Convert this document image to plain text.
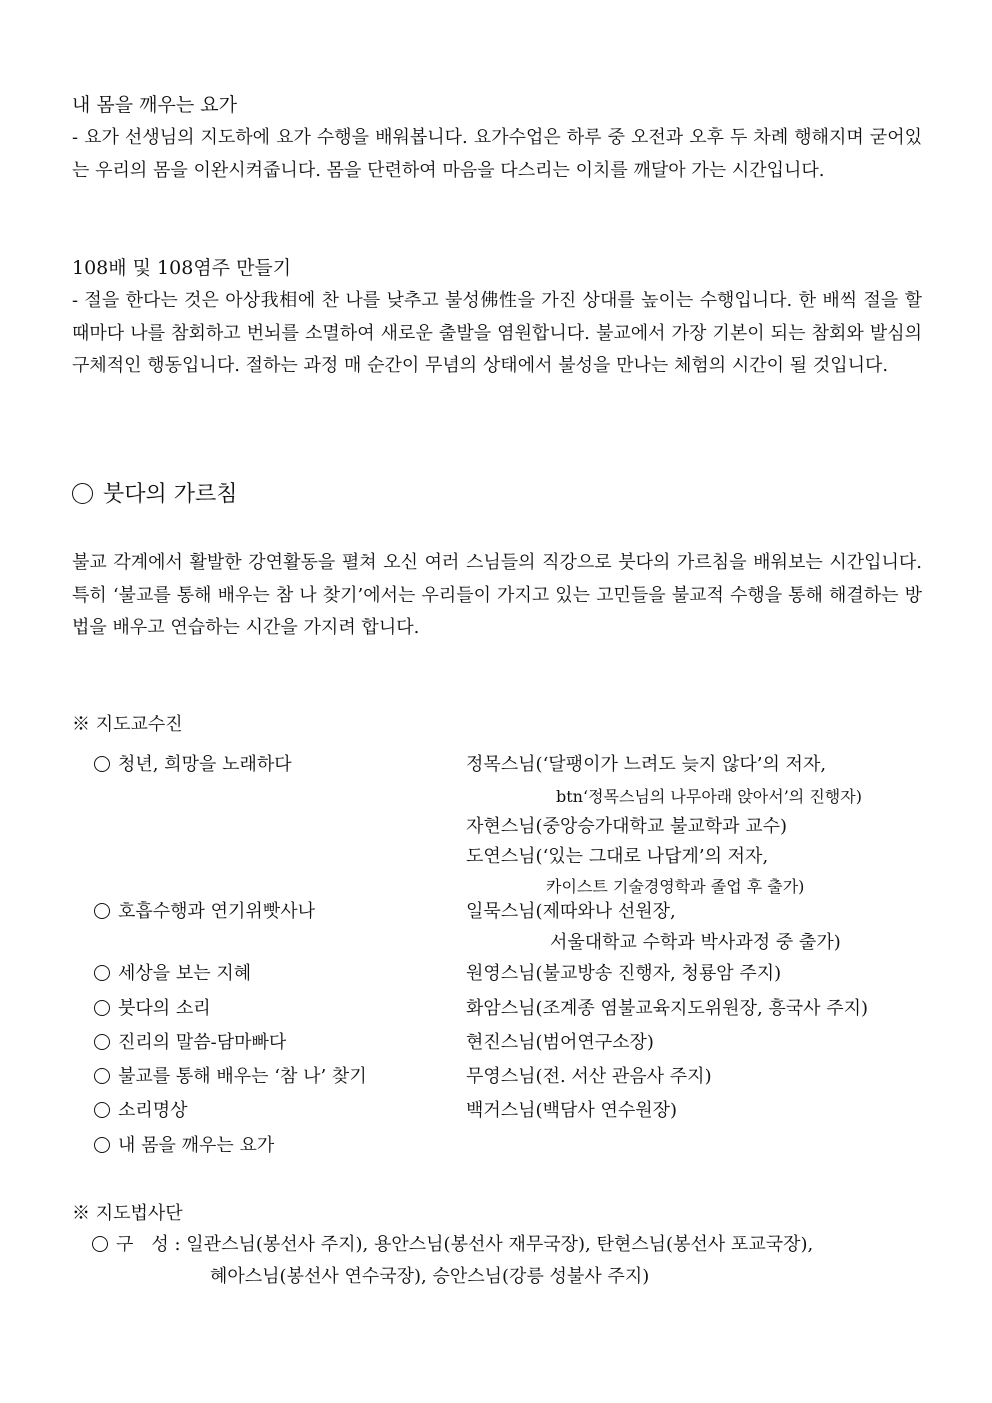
내 몸을 깨우는 요가
- 요가 선생님의 지도하에 요가 수행을 배워봅니다. 요가수업은 하루 중 오전과 오후 두 차례 행해지며 굳어있는 우리의 몸을 이완시켜줍니다. 몸을 단련하여 마음을 다스리는 이치를 깨달아 가는 시간입니다.
108배 및 108염주 만들기
- 절을 한다는 것은 아상我相에 찬 나를 낮추고 불성佛性을 가진 상대를 높이는 수행입니다. 한 배씩 절을 할 때마다 나를 참회하고 번뇌를 소멸하여 새로운 출발을 염원합니다. 불교에서 가장 기본이 되는 참회와 발심의 구체적인 행동입니다. 절하는 과정 매 순간이 무념의 상태에서 불성을 만나는 체험의 시간이 될 것입니다.
붓다의 가르침
불교 각계에서 활발한 강연활동을 펼쳐 오신 여러 스님들의 직강으로 붓다의 가르침을 배워보는 시간입니다. 특히 ‘불교를 통해 배우는 참 나 찾기’에서는 우리들이 가지고 있는 고민들을 불교적 수행을 통해 해결하는 방법을 배우고 연습하는 시간을 가지려 합니다.
※ 지도교수진
청년, 희망을 노래하다	정목스님(‘달팽이가 느려도 늦지 않다’의 저자,
btn‘정목스님의 나무아래 앉아서’의 진행자)
자현스님(중앙승가대학교 불교학과 교수)
도연스님(‘있는 그대로 나답게’의 저자,
카이스트 기술경영학과 졸업 후 출가)
호흡수행과 연기위빳사나	일묵스님(제따와나 선원장,
서울대학교 수학과 박사과정 중 출가)
세상을 보는 지혜	원영스님(불교방송 진행자, 청룡암 주지)
붓다의 소리	화암스님(조계종 염불교육지도위원장, 흥국사 주지)
진리의 말씀-담마빠다	현진스님(범어연구소장)
불교를 통해 배우는 ‘참 나’ 찾기	무영스님(전. 서산 관음사 주지)
소리명상	백거스님(백담사 연수원장)
내 몸을 깨우는 요가
※ 지도법사단
구　성 : 일관스님(봉선사 주지), 용안스님(봉선사 재무국장), 탄현스님(봉선사 포교국장),
혜아스님(봉선사 연수국장), 승안스님(강릉 성불사 주지)
